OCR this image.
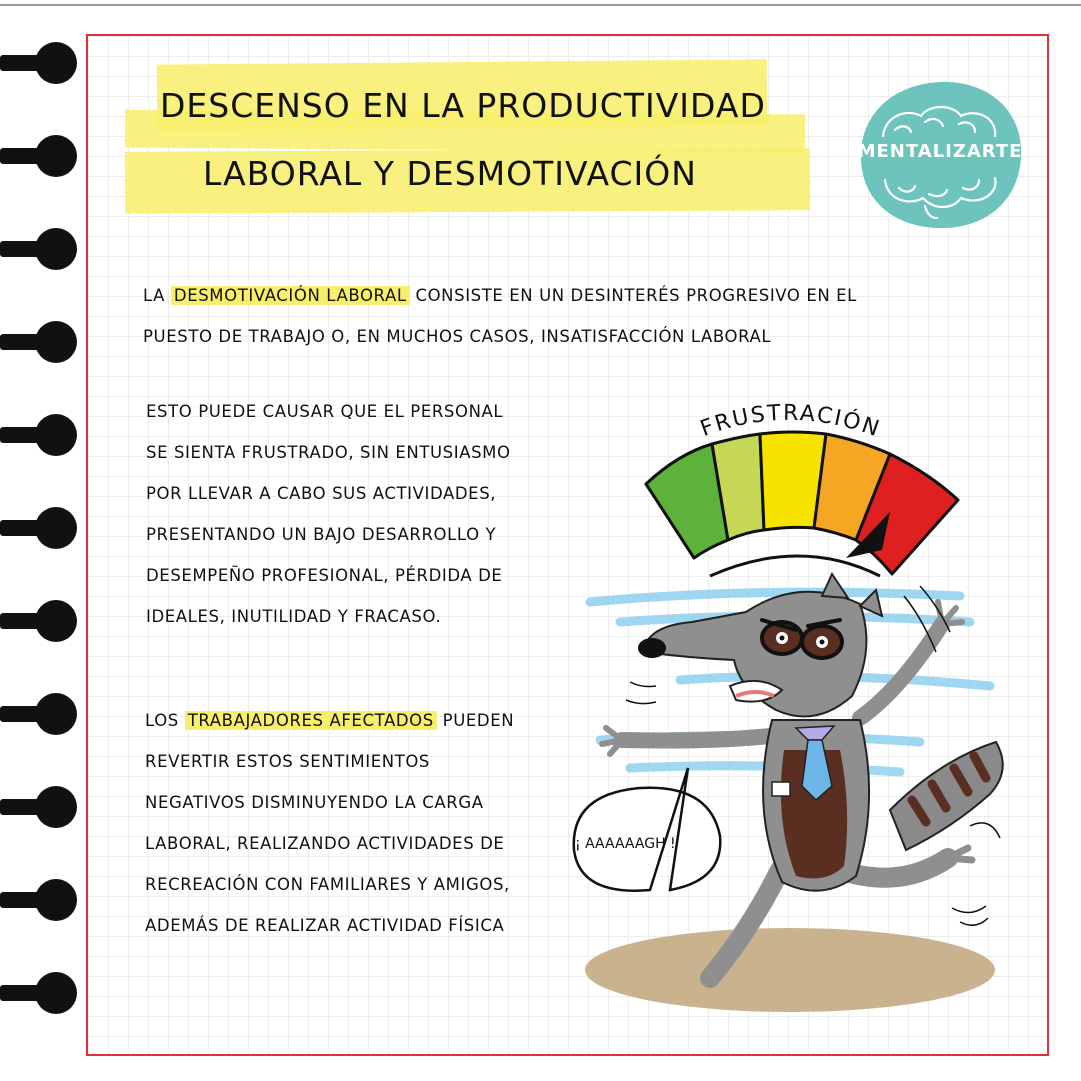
DESCENSO EN LA PRODUCTIVIDAD
LABORAL Y DESMOTIVACIÓN
MENTALIZARTE
LA DESMOTIVACIÓN LABORAL CONSISTE EN UN DESINTERÉS PROGRESIVO EN EL
PUESTO DE TRABAJO O, EN MUCHOS CASOS, INSATISFACCIÓN LABORAL
ESTO PUEDE CAUSAR QUE EL PERSONAL
SE SIENTA FRUSTRADO, SIN ENTUSIASMO
POR LLEVAR A CABO SUS ACTIVIDADES,
PRESENTANDO UN BAJO DESARROLLO Y
DESEMPEÑO PROFESIONAL, PÉRDIDA DE
IDEALES, INUTILIDAD Y FRACASO.
LOS TRABAJADORES AFECTADOS PUEDEN
REVERTIR ESTOS SENTIMIENTOS
NEGATIVOS DISMINUYENDO LA CARGA
LABORAL, REALIZANDO ACTIVIDADES DE
RECREACIÓN CON FAMILIARES Y AMIGOS,
ADEMÁS DE REALIZAR ACTIVIDAD FÍSICA
FRUSTRACIÓN
¡ AAAAAAGH !
